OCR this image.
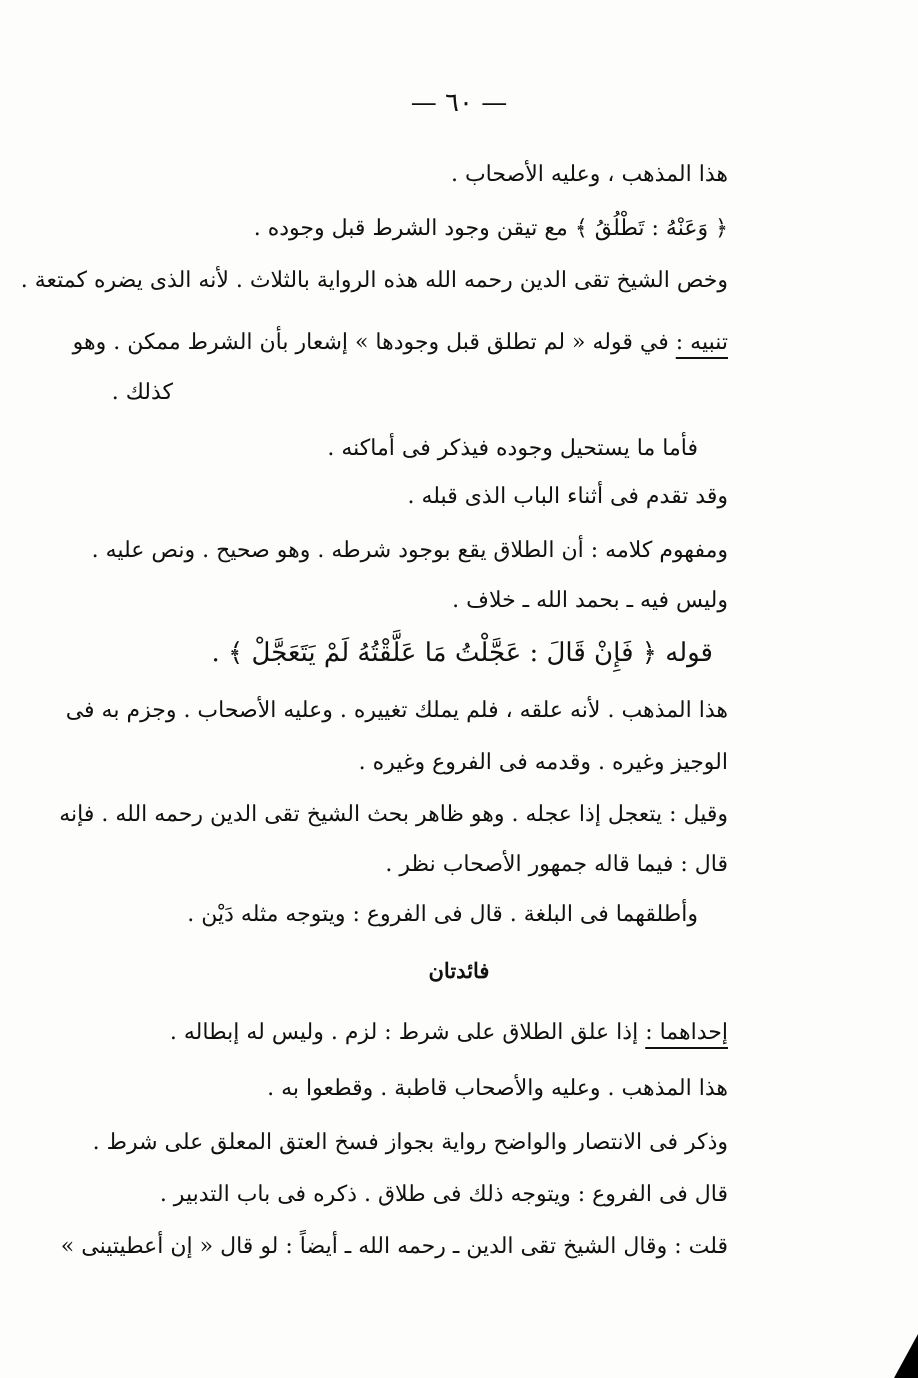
— ٦٠ —
هذا المذهب ، وعليه الأصحاب .
﴿ وَعَنْهُ : تَطْلُقُ ﴾ مع تيقن وجود الشرط قبل وجوده .
وخص الشيخ تقى الدين رحمه الله هذه الرواية بالثلاث . لأنه الذى يضره كمتعة .
تنبيه : في قوله « لم تطلق قبل وجودها » إشعار بأن الشرط ممكن . وهو
كذلك .
فأما ما يستحيل وجوده فيذكر فى أماكنه .
وقد تقدم فى أثناء الباب الذى قبله .
ومفهوم كلامه : أن الطلاق يقع بوجود شرطه . وهو صحيح . ونص عليه .
وليس فيه ـ بحمد الله ـ خلاف .
قوله ﴿ فَإِنْ قَالَ : عَجَّلْتُ مَا عَلَّقْتُهُ لَمْ يَتَعَجَّلْ ﴾ .
هذا المذهب . لأنه علقه ، فلم يملك تغييره . وعليه الأصحاب . وجزم به فى
الوجيز وغيره . وقدمه فى الفروع وغيره .
وقيل : يتعجل إذا عجله . وهو ظاهر بحث الشيخ تقى الدين رحمه الله . فإنه
قال : فيما قاله جمهور الأصحاب نظر .
وأطلقهما فى البلغة . قال فى الفروع : ويتوجه مثله دَيْن .
فائدتان
إحداهما : إذا علق الطلاق على شرط : لزم . وليس له إبطاله .
هذا المذهب . وعليه والأصحاب قاطبة . وقطعوا به .
وذكر فى الانتصار والواضح رواية بجواز فسخ العتق المعلق على شرط .
قال فى الفروع : ويتوجه ذلك فى طلاق . ذكره فى باب التدبير .
قلت : وقال الشيخ تقى الدين ـ رحمه الله ـ أيضاً : لو قال « إن أعطيتينى »
